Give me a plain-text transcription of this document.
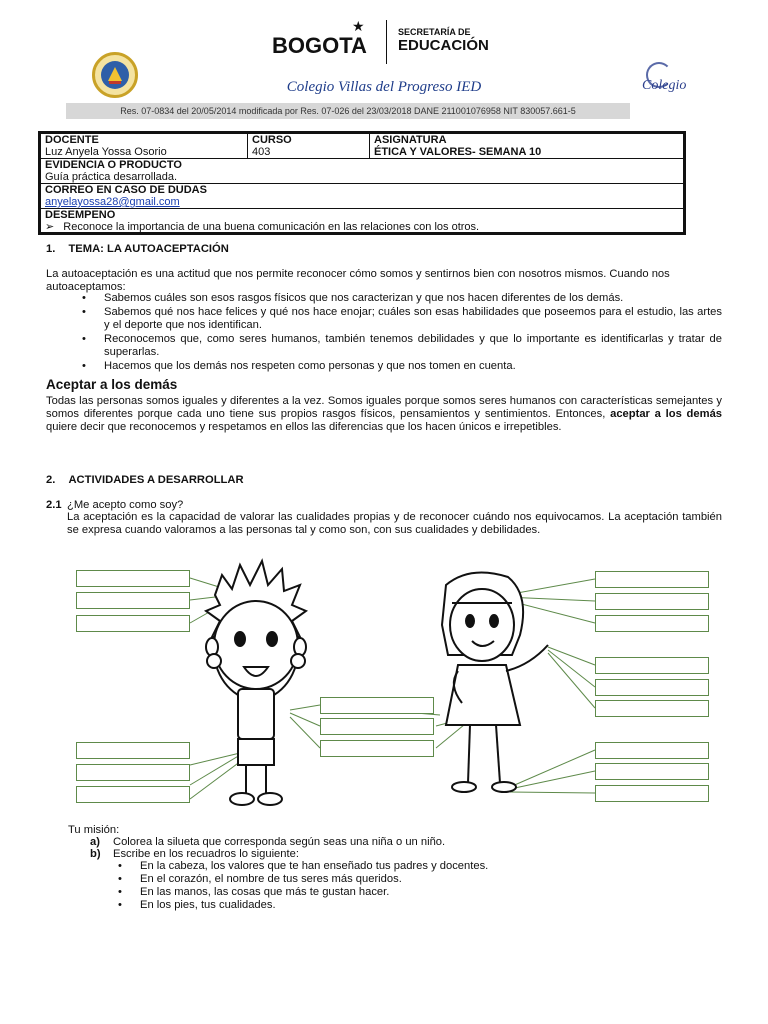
BOGOTA
★	SECRETARÍA DE
EDUCACIÓN
Colegio Villas del Progreso IED
Res. 07-0834 del 20/05/2014 modificada por Res. 07-026 del 23/03/2018 DANE 211001076958 NIT 830057.661-5
Colegio
DOCENTE
Luz Anyela Yossa Osorio
CURSO
403
ASIGNATURA
ÉTICA Y VALORES- SEMANA 10
EVIDENCIA O PRODUCTO
Guía práctica desarrollada.
CORREO EN CASO DE DUDAS
anyelayossa28@gmail.com
DESEMPENO
➢ Reconoce la importancia de una buena comunicación en las relaciones con los otros.
1. TEMA: LA AUTOACEPTACIÓN
La autoaceptación es una actitud que nos permite reconocer cómo somos y sentirnos bien con nosotros mismos. Cuando nos autoaceptamos:
• Sabemos cuáles son esos rasgos físicos que nos caracterizan y que nos hacen diferentes de los demás.
• Sabemos qué nos hace felices y qué nos hace enojar; cuáles son esas habilidades que poseemos para el estudio, las artes y el deporte que nos identifican.
• Reconocemos que, como seres humanos, también tenemos debilidades y que lo importante es identificarlas y tratar de superarlas.
• Hacemos que los demás nos respeten como personas y que nos tomen en cuenta.
Aceptar a los demás
Todas las personas somos iguales y diferentes a la vez. Somos iguales porque somos seres humanos con características semejantes y somos diferentes porque cada uno tiene sus propios rasgos físicos, pensamientos y sentimientos. Entonces, aceptar a los demás quiere decir que reconocemos y respetamos en ellos las diferencias que los hacen únicos e irrepetibles.
2. ACTIVIDADES A DESARROLLAR
2.1 ¿Me acepto como soy?
La aceptación es la capacidad de valorar las cualidades propias y de reconocer cuándo nos equivocamos. La aceptación también se expresa cuando valoramos a las personas tal y como son, con sus cualidades y debilidades.
Tu misión:
a) Colorea la silueta que corresponda según seas una niña o un niño.
b) Escribe en los recuadros lo siguiente:
• En la cabeza, los valores que te han enseñado tus padres y docentes.
• En el corazón, el nombre de tus seres más queridos.
• En las manos, las cosas que más te gustan hacer.
• En los pies, tus cualidades.
